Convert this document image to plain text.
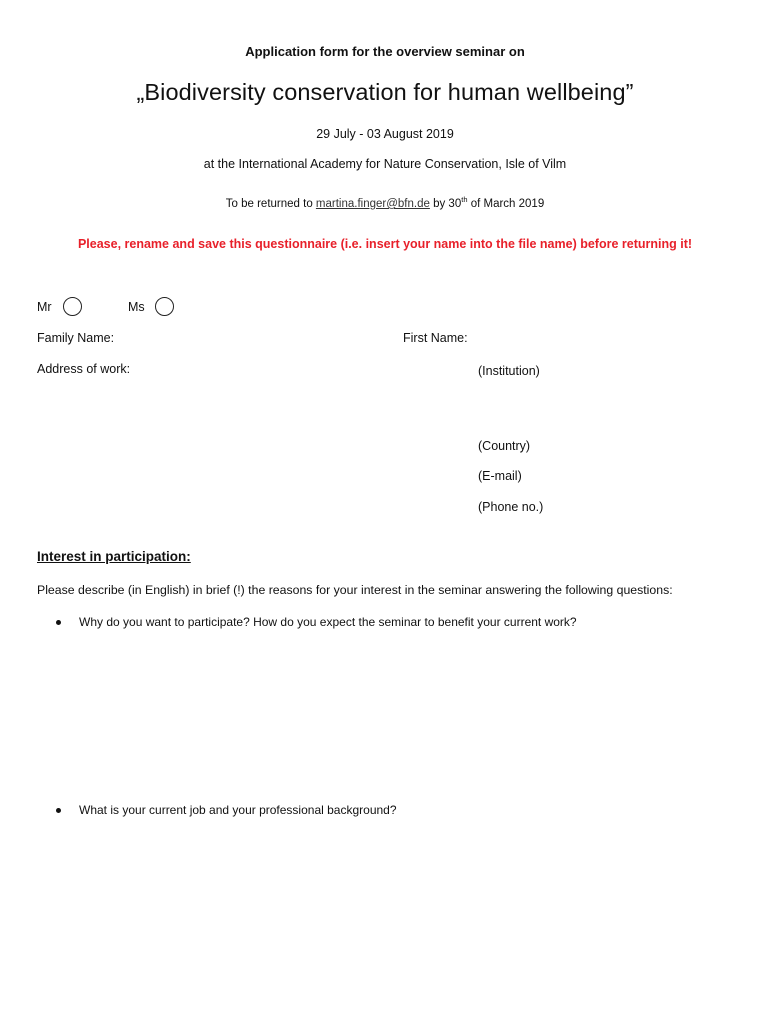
Application form for the overview seminar on
„Biodiversity conservation for human wellbeing”
29 July - 03 August 2019
at the International Academy for Nature Conservation, Isle of Vilm
To be returned to martina.finger@bfn.de by 30th of March 2019
Please, rename and save this questionnaire (i.e. insert your name into the file name) before returning it!
Mr	Ms
Family Name:	First Name:
Address of work:	(Institution)
(Country)
(E-mail)
(Phone no.)
Interest in participation:
Please describe (in English) in brief (!) the reasons for your interest in the seminar answering the following questions:
Why do you want to participate? How do you expect the seminar to benefit your current work?
What is your current job and your professional background?
